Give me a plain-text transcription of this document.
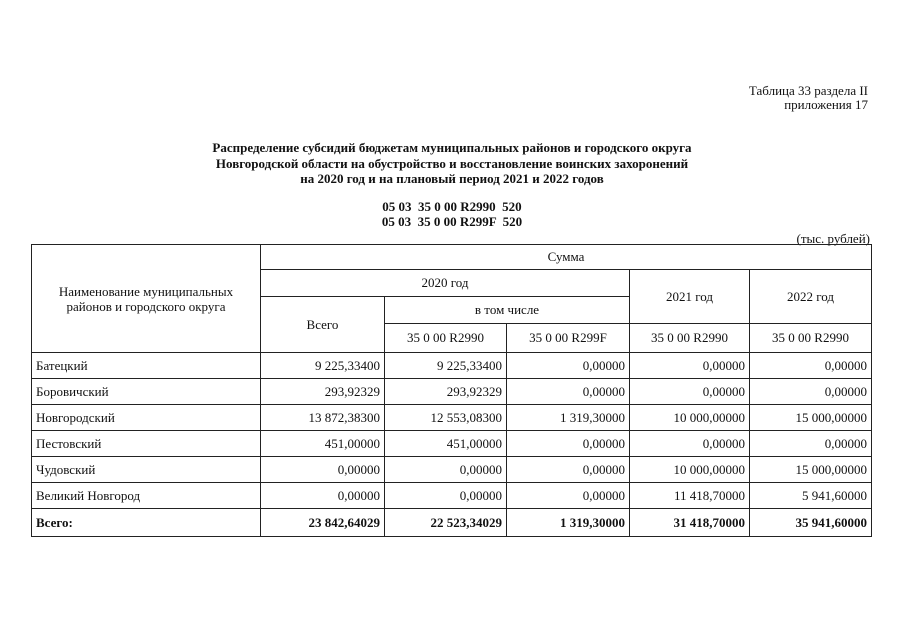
Таблица 33 раздела II
приложения 17
Распределение субсидий бюджетам муниципальных районов и городского округа
Новгородской области на обустройство и восстановление воинских захоронений
на 2020 год и на плановый период 2021 и 2022 годов
05 03  35 0 00 R2990  520
05 03  35 0 00 R299F  520
(тыс. рублей)
Наименование муниципальных районов и городского округа	Сумма				
	2020 год			2021 год	2022 год
	Всего	в том числе			
		35 0 00 R2990	35 0 00 R299F	35 0 00 R2990	35 0 00 R2990
Батецкий	9 225,33400	9 225,33400	0,00000	0,00000	0,00000
Боровичский	293,92329	293,92329	0,00000	0,00000	0,00000
Новгородский	13 872,38300	12 553,08300	1 319,30000	10 000,00000	15 000,00000
Пестовский	451,00000	451,00000	0,00000	0,00000	0,00000
Чудовский	0,00000	0,00000	0,00000	10 000,00000	15 000,00000
Великий Новгород	0,00000	0,00000	0,00000	11 418,70000	5 941,60000
Всего:	23 842,64029	22 523,34029	1 319,30000	31 418,70000	35 941,60000
